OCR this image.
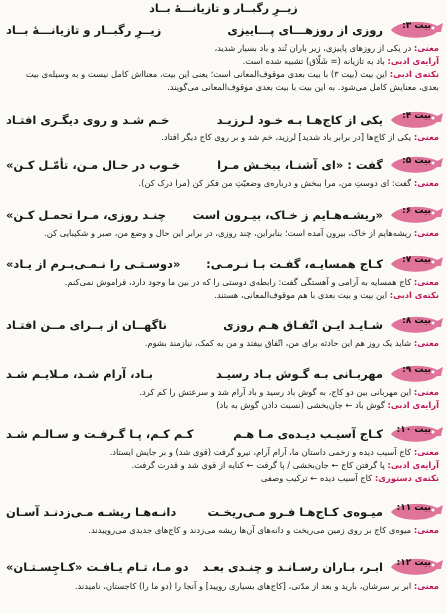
زیــرِ رگبــار و تازیانـــهٔ بــاد
بیت ۳:
روزی از روزهـــای پـــاییزی
زیــرِ رگبــار و تازیانـــهٔ بــاد
معنی: در یکی از روزهای پاییزی، زیر باران تُند و باد بسیار شدید،
آرایه‌ی ادبی: باد به تازیانه (= شَلّاق) تشبیه شده است.
نکته‌ی ادبی: این بیت (بیت ۳) با بیت بعدی موقوف‌المعانی است؛ یعنی این بیت، معنااش کامل نیست و به وسیله‌ی بیت بعدی، معنایش کامل می‌شود. به این بیت با بیت بعدی موقوف‌المعانی می‌گویند.
بیت ۴:
یکی از کاج‌هـا بـه خـود لـرزیـد
خـم شـد و روی دیگـری افتـاد
معنی: یکی از کاج‌ها [در برابر باد شدید] لرزید، خم شد و بر روی کاج دیگر افتاد.
بیت ۵:
گفت : «ای آشنـا، ببخـش مـرا
خـوب در حـال مـن، تأمّـل کـن»
معنی: گفت: ای دوستِ من، مرا ببخش و درباره‌ی وضعیّتِ من فکر کن (مرا درک کن).
بیت ۶:
«ریشـه‌هـایم ز خـاک، بیـرون است
چنـد روزی، مـرا تحمـل کـن»
معنی: ریشه‌هایم از خاک، بیرون آمده است؛ بنابراین، چند روزی، در برابر این حال و وضع من، صبر و شکیبایی کن.
بیت ۷:
کـاج همسایـه، گفـت بـا نـرمـی:
«دوسـتـی را نـمـی‌بـرم از یـاد»
معنی: کاج همسایه به آرامی و آهستگی گفت: رابطه‌ی دوستی را که در بین ما وجود دارد، فراموش نمی‌کنم.
نکته‌ی ادبی: این بیت و بیت بعدی با هم موقوف‌المعانی، هستند.
بیت ۸:
شـایـد ایـن اتّفـاق هـم روزی
ناگهــان از بــرای مــن افتـاد
معنی: شاید یک روز هم این حادثه برای من، اتّفاق بیفتد و من به کمک، نیازمند بشوم.
بیت ۹:
مهربـانی بـه گـوش بـاد رسیـد
بـاد، آرام شـد، مـلایـم شـد
معنی: این مهربانی بین دو کاج، به گوش باد رسید و باد آرام شد و سرعتش را کم کرد.
آرایه‌ی ادبی: گوش باد ← جان‌بخشی (نسبت دادن گوش به باد)
بیت ۱۰:
کـاج آسیـب دیـده‌ی مـا هـم
کـم کـم، پـا گـرفـت و سـالـم شـد
معنی: کاج آسیب دیده و زخمی داستان ما، آرام آرام، نیرو گرفت (قوی شد) و بر جایش ایستاد.
آرایه‌ی ادبی: پا گرفتن کاج ← جان‌بخشی / پا گرفت ← کنایه از قوی شد و قدرت گرفت.
نکته‌ی دستوری: کاج آسیب دیده ← ترکیب وصفی
بیت ۱۱:
میـوه‌ی کـاج‌هـا فـرو مـی‌ریخـت
دانـه‌هـا ریشـه مـی‌زدنـد آسـان
معنی: میوه‌ی کاج بر روی زمین می‌ریخت و دانه‌های آن‌ها ریشه می‌زدند و کاج‌های جدیدی می‌روییدند.
بیت ۱۲:
ابـر، بـاران رسـانـد و چنـدی بعـد
دو مـا، تـام یـافـت «کـاجِسـتـان»
معنی: ابر بر سرشان، بارید و بعد از مدّتی، [کاج‌های بسیاری رویید] و آنجا را (دو ما را) کاجستان، نامیدند.
